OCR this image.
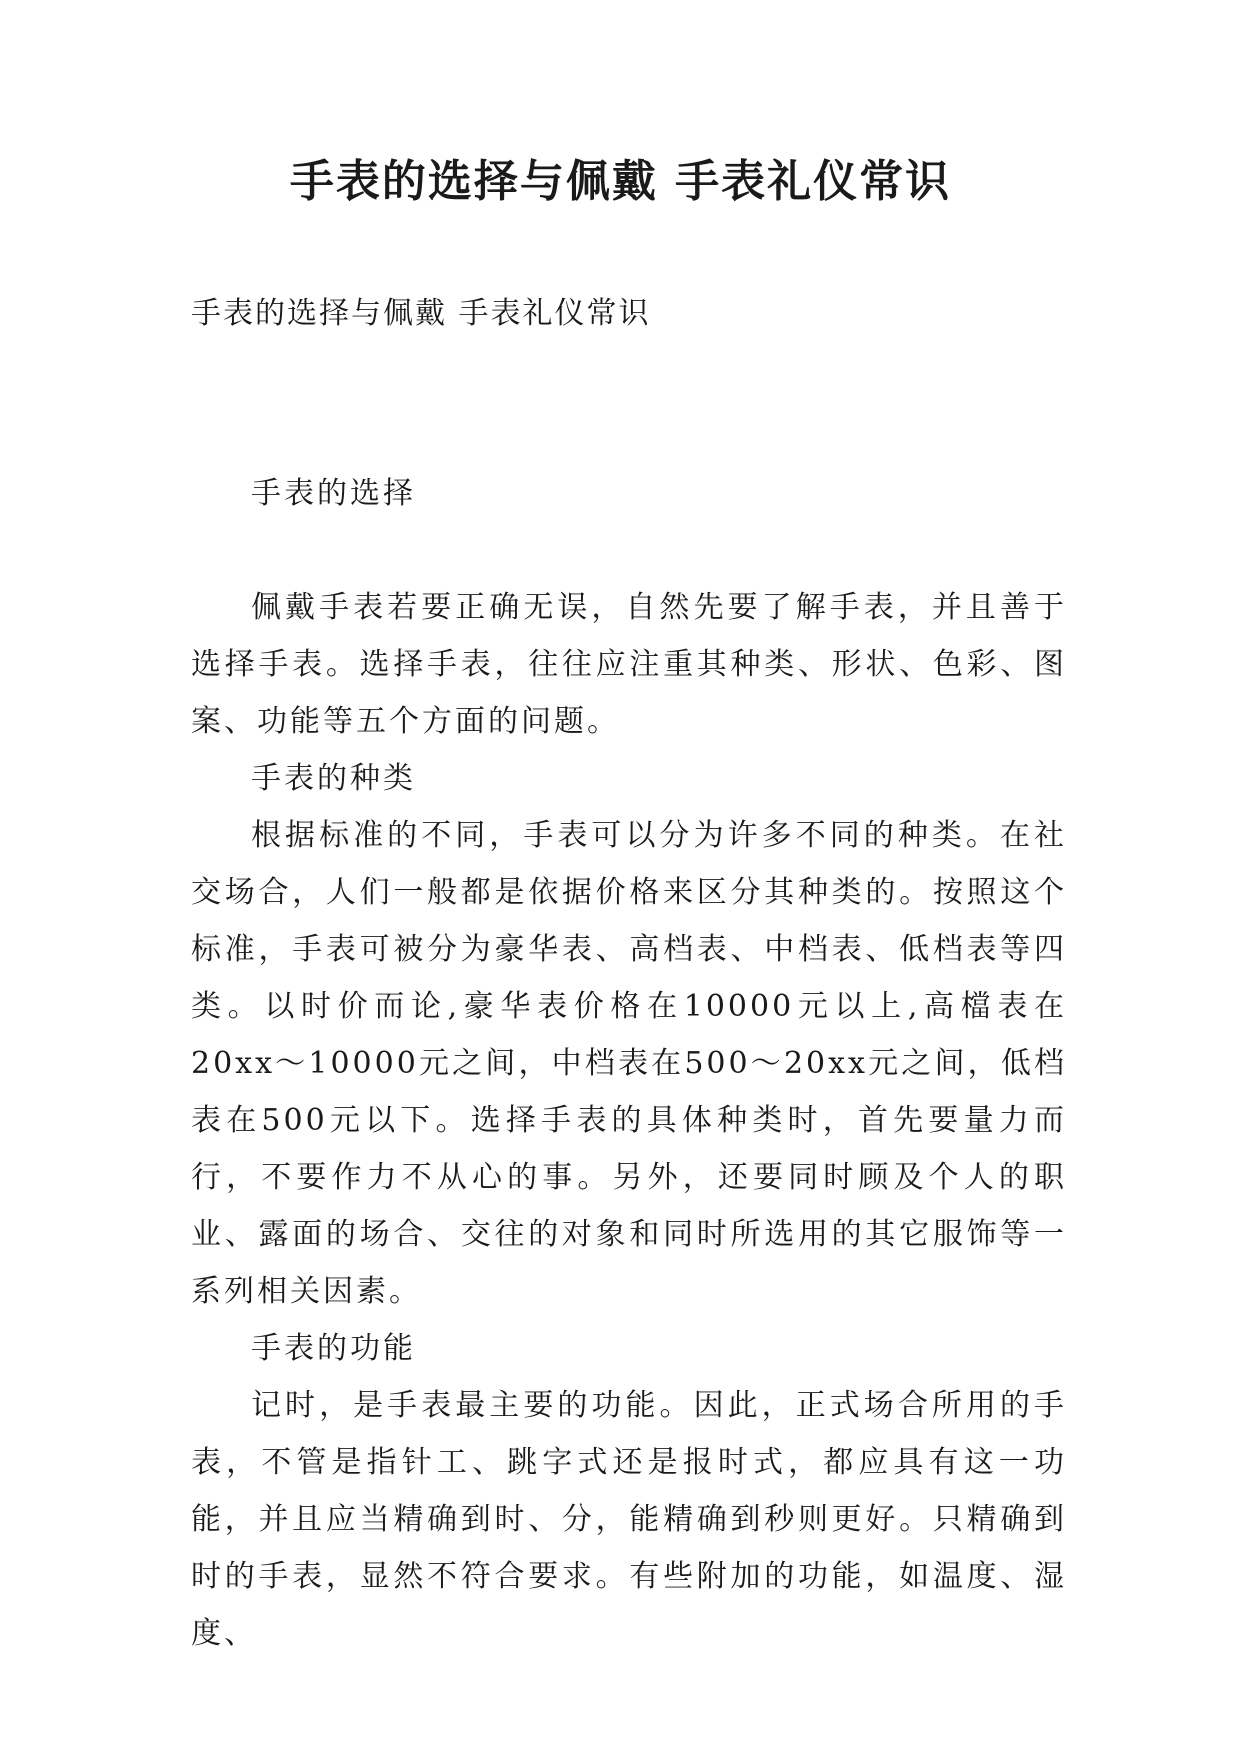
手表的选择与佩戴 手表礼仪常识

手表的选择与佩戴 手表礼仪常识

手表的选择

佩戴手表若要正确无误，自然先要了解手表，并且善于选择手表。选择手表，往往应注重其种类、形状、色彩、图案、功能等五个方面的问题。

手表的种类

根据标准的不同，手表可以分为许多不同的种类。在社交场合，人们一般都是依据价格来区分其种类的。按照这个标准，手表可被分为豪华表、高档表、中档表、低档表等四类。以时价而论,豪华表价格在10000元以上,高檔表在20xx～10000元之间，中档表在500～20xx元之间，低档表在500元以下。选择手表的具体种类时，首先要量力而行，不要作力不从心的事。另外，还要同时顾及个人的职业、露面的场合、交往的对象和同时所选用的其它服饰等一系列相关因素。

手表的功能

记时，是手表最主要的功能。因此，正式场合所用的手表，不管是指针工、跳字式还是报时式，都应具有这一功能，并且应当精确到时、分，能精确到秒则更好。只精确到时的手表，显然不符合要求。有些附加的功能，如温度、湿度、
